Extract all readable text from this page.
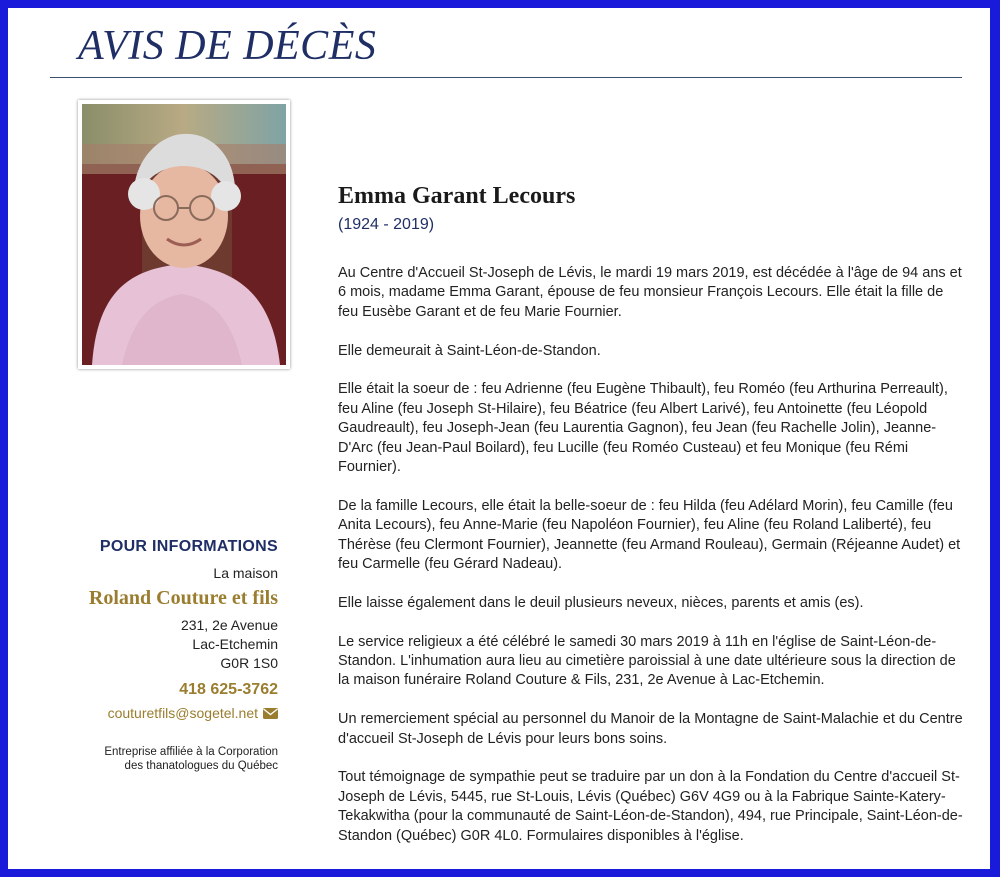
AVIS DE DÉCÈS
POUR INFORMATIONS
La maison
Roland Couture et fils
231, 2e Avenue
Lac-Etchemin
G0R 1S0
418 625-3762
couturetfils@sogetel.net
Entreprise affiliée à la Corporation
des thanatologues du Québec
Emma Garant Lecours
(1924 - 2019)

Au Centre d'Accueil St-Joseph de Lévis, le mardi 19 mars 2019, est décédée à l'âge de 94 ans et 6 mois, madame Emma Garant, épouse de feu monsieur François Lecours. Elle était la fille de feu Eusèbe Garant et de feu Marie Fournier.

Elle demeurait à Saint-Léon-de-Standon.

Elle était la soeur de : feu Adrienne (feu Eugène Thibault), feu Roméo (feu Arthurina Perreault), feu Aline (feu Joseph St-Hilaire), feu Béatrice (feu Albert Larivé), feu Antoinette (feu Léopold Gaudreault), feu Joseph-Jean (feu Laurentia Gagnon), feu Jean (feu Rachelle Jolin), Jeanne-D'Arc (feu Jean-Paul Boilard), feu Lucille (feu Roméo Custeau) et feu Monique (feu Rémi Fournier).

De la famille Lecours, elle était la belle-soeur de : feu Hilda (feu Adélard Morin), feu Camille (feu Anita Lecours), feu Anne-Marie (feu Napoléon Fournier), feu Aline (feu Roland Laliberté), feu Thérèse (feu Clermont Fournier), Jeannette (feu Armand Rouleau), Germain (Réjeanne Audet) et feu Carmelle (feu Gérard Nadeau).

Elle laisse également dans le deuil plusieurs neveux, nièces, parents et amis (es).

Le service religieux a été célébré le samedi 30 mars 2019 à 11h en l'église de Saint-Léon-de-Standon. L'inhumation aura lieu au cimetière paroissial à une date ultérieure sous la direction de la maison funéraire Roland Couture & Fils, 231, 2e Avenue à Lac-Etchemin.

Un remerciement spécial au personnel du Manoir de la Montagne de Saint-Malachie et du Centre d'accueil St-Joseph de Lévis pour leurs bons soins.

Tout témoignage de sympathie peut se traduire par un don à la Fondation du Centre d'accueil St-Joseph de Lévis, 5445, rue St-Louis, Lévis (Québec) G6V 4G9 ou à la Fabrique Sainte-Katery-Tekakwitha (pour la communauté de Saint-Léon-de-Standon), 494, rue Principale, Saint-Léon-de-Standon (Québec) G0R 4L0. Formulaires disponibles à l'église.
